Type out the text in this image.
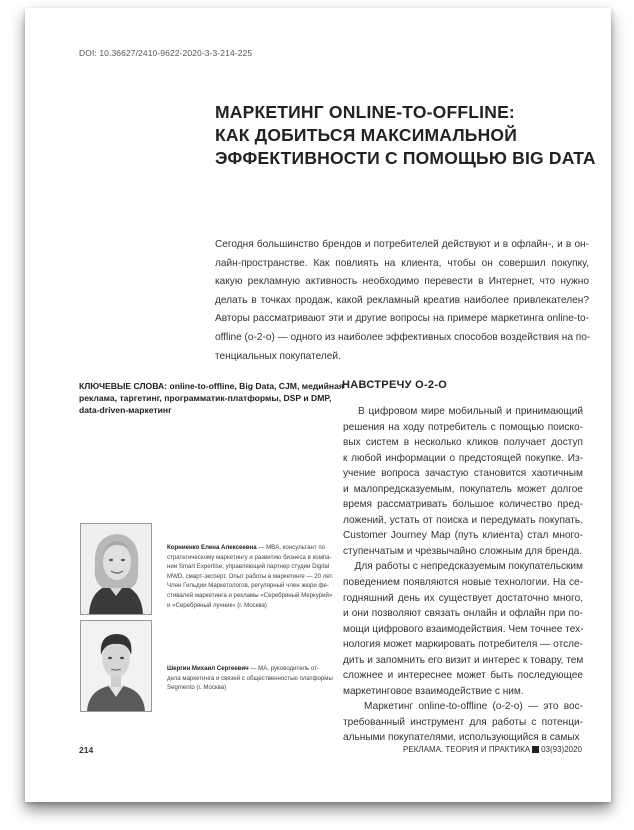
DOI: 10.36627/2410-9622-2020-3-3-214-225
МАРКЕТИНГ ONLINE-TO-OFFLINE:
КАК ДОБИТЬСЯ МАКСИМАЛЬНОЙ
ЭФФЕКТИВНОСТИ С ПОМОЩЬЮ BIG DATA
Сегодня большинство брендов и потребителей действуют и в офлайн-, и в он-
лайн-пространстве. Как повлиять на клиента, чтобы он совершил покупку,
какую рекламную активность необходимо перевести в Интернет, что нужно
делать в точках продаж, какой рекламный креатив наиболее привлекателен?
Авторы рассматривают эти и другие вопросы на примере маркетинга online-to-
offline (o-2-o) — одного из наиболее эффективных способов воздействия на по-
тенциальных покупателей.
КЛЮЧЕВЫЕ СЛОВА: online-to-offline, Big Data, CJM, медийная
реклама, таргетинг, программатик-платформы, DSP и DMP,
data-driven-маркетинг
НАВСТРЕЧУ О-2-О
В цифровом мире мобильный и принимающий
решения на ходу потребитель с помощью поиско-
вых систем в несколько кликов получает доступ
к любой информации о предстоящей покупке. Из-
учение вопроса зачастую становится хаотичным
и малопредсказуемым, покупатель может долгое
время рассматривать большое количество пред-
ложений, устать от поиска и передумать покупать.
Customer Journey Map (путь клиента) стал много-
ступенчатым и чрезвычайно сложным для бренда.
Для работы с непредсказуемым покупательским
поведением появляются новые технологии. На се-
годняшний день их существует достаточно много,
и они позволяют связать онлайн и офлайн при по-
мощи цифрового взаимодействия. Чем точнее тех-
нология может маркировать потребителя — отсле-
дить и запомнить его визит и интерес к товару, тем
сложнее и интереснее может быть последующее
маркетинговое взаимодействие с ним.
Маркетинг online-to-offline (o-2-o) — это вос-
требованный инструмент для работы с потенци-
альными покупателями, использующийся в самых
Корниенко Елена Алексеевна — MBA, консультант по
стратегическому маркетингу и развитию бизнеса в компа-
нии Smart Expertise, управляющий партнер студии Digital
MWD, смарт-эксперт. Опыт работы в маркетинге — 20 лет.
Член Гильдии Маркетологов, регулярный член жюри фе-
стивалей маркетинга и рекламы «Серебряный Меркурий»
и «Серебряный лучник» (г. Москва)
Шергин Михаил Сергеевич — MA, руководитель от-
дела маркетинга и связей с общественностью платформы
Segmento (г. Москва)
214	РЕКЛАМА. ТЕОРИЯ И ПРАКТИКА 03(93)2020
